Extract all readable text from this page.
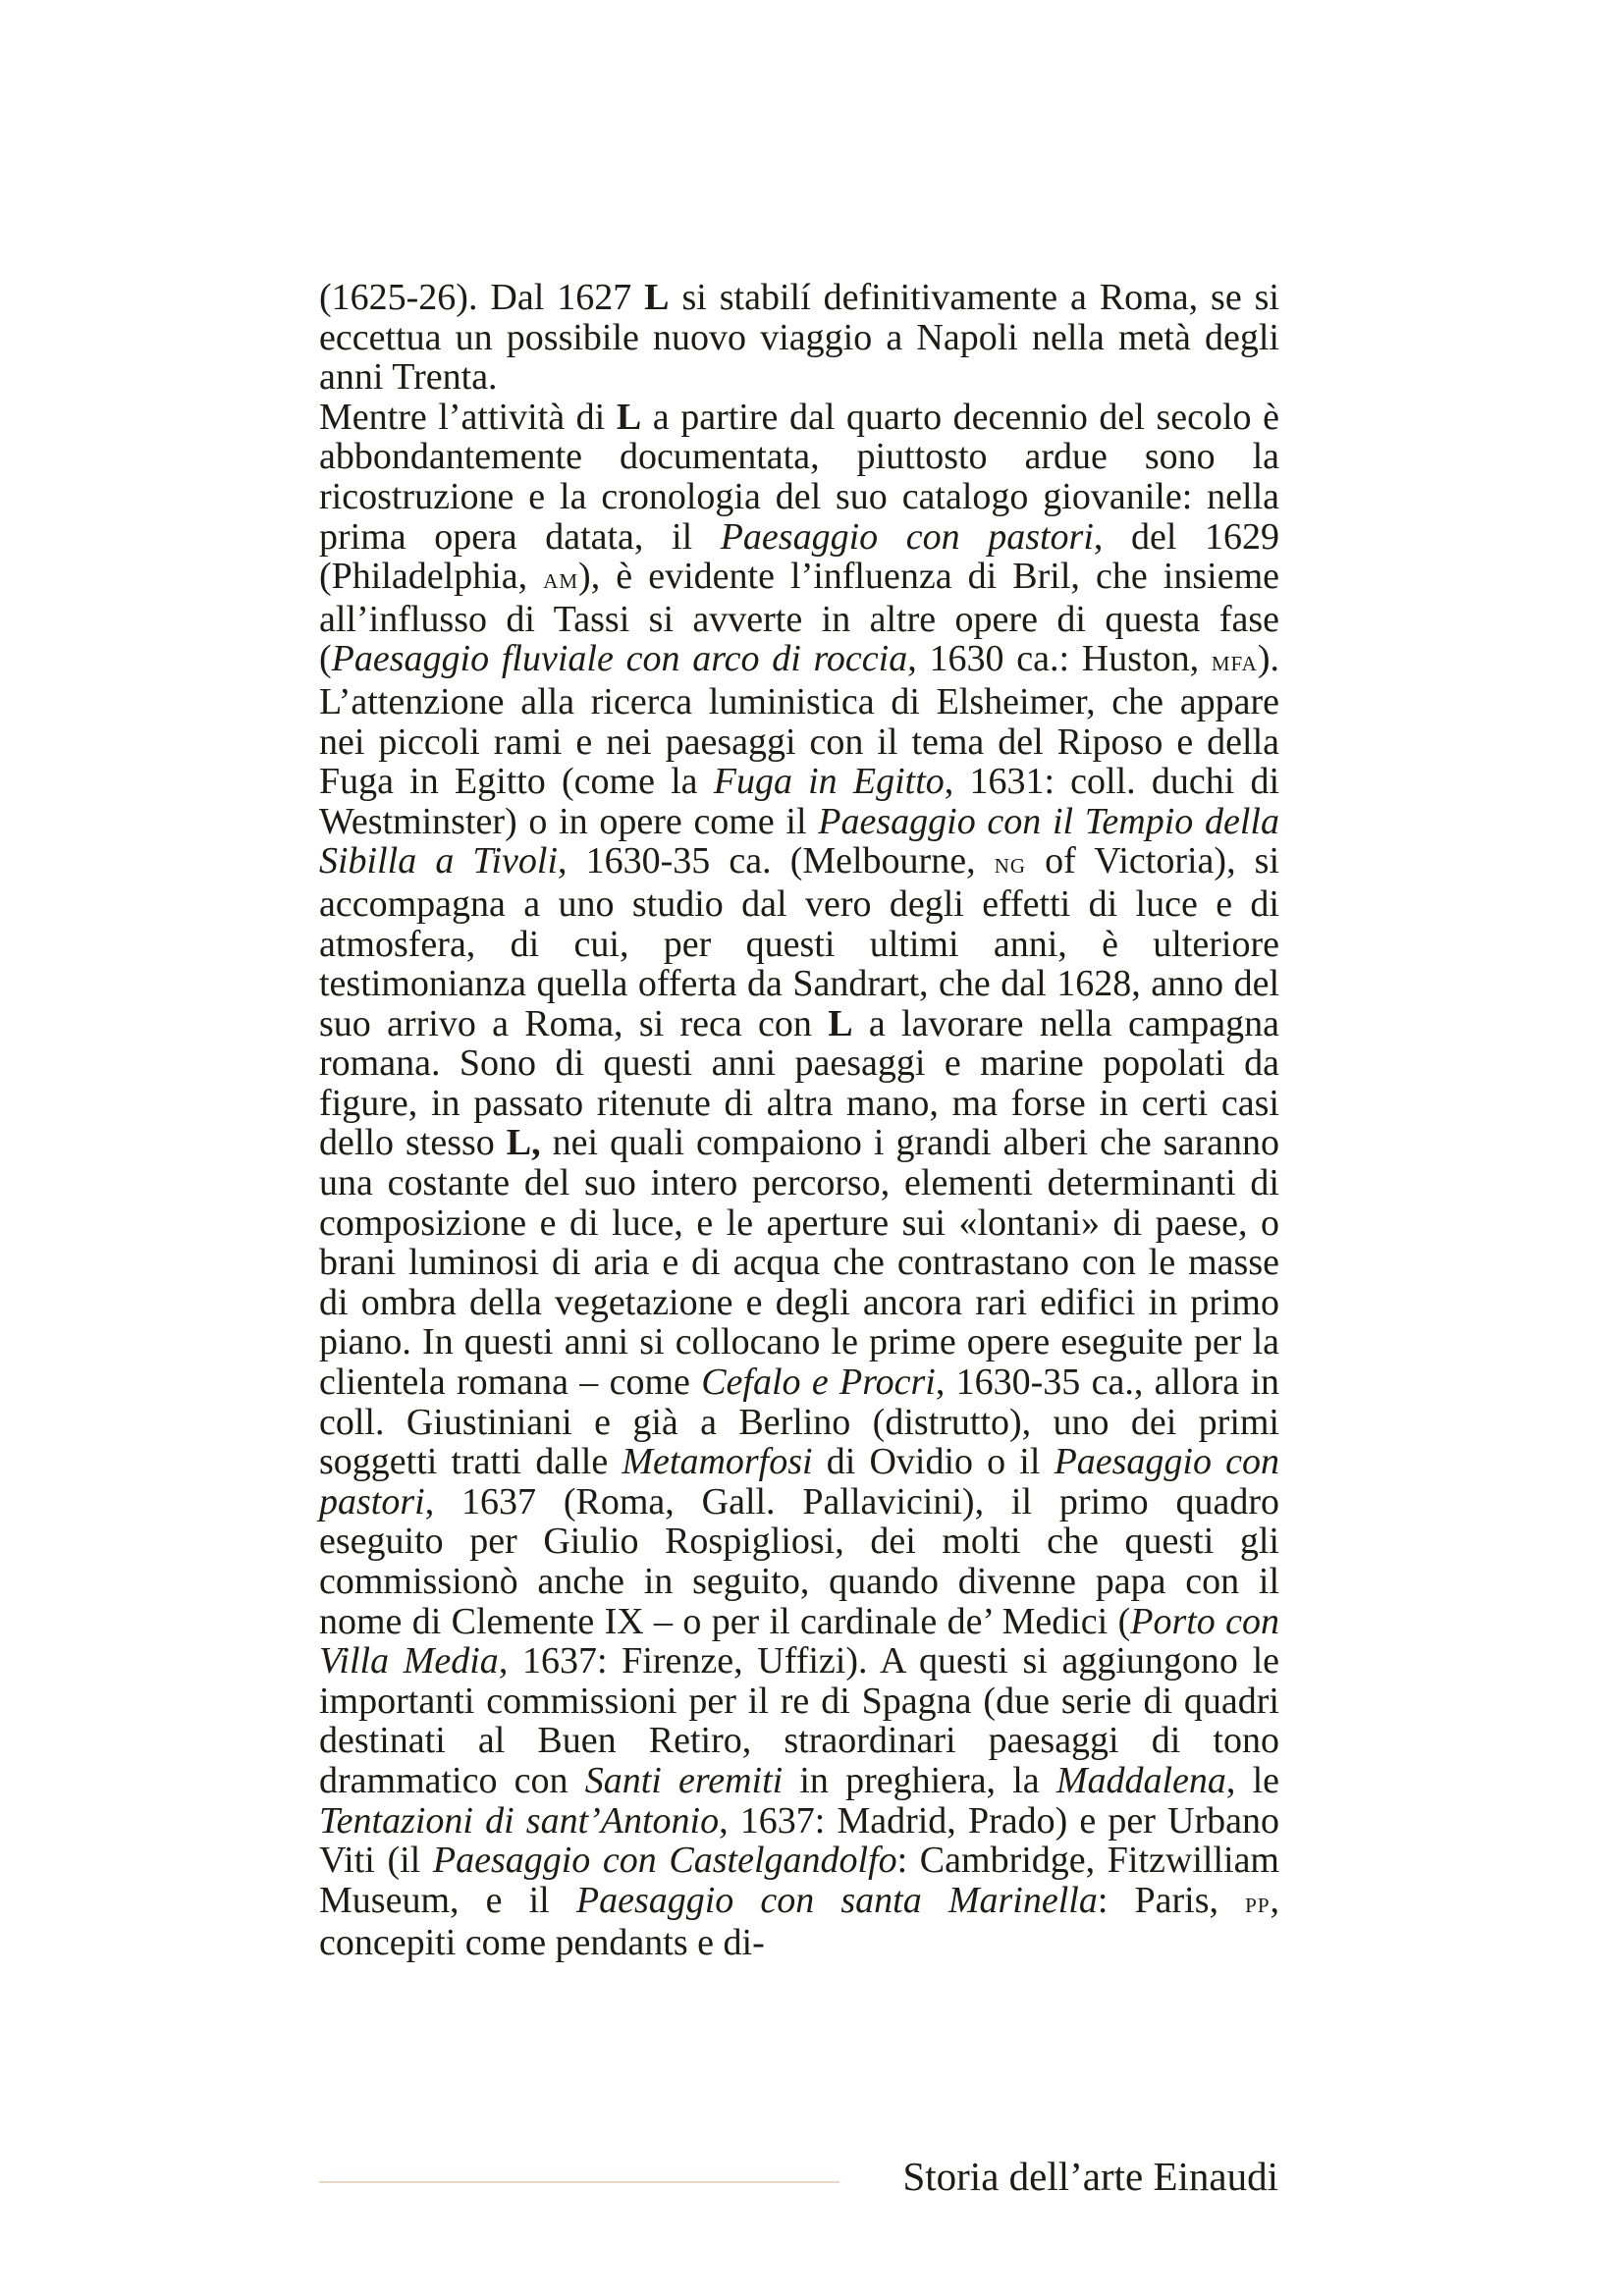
(1625-26). Dal 1627 L si stabilí definitivamente a Roma, se si eccettua un possibile nuovo viaggio a Napoli nella metà degli anni Trenta.

Mentre l’attività di L a partire dal quarto decennio del secolo è abbondantemente documentata, piuttosto ardue sono la ricostruzione e la cronologia del suo catalogo giovanile: nella prima opera datata, il Paesaggio con pastori, del 1629 (Philadelphia, am), è evidente l’influenza di Bril, che insieme all’influsso di Tassi si avverte in altre opere di questa fase (Paesaggio fluviale con arco di roccia, 1630 ca.: Huston, mfa). L’attenzione alla ricerca luministica di Elsheimer, che appare nei piccoli rami e nei paesaggi con il tema del Riposo e della Fuga in Egitto (come la Fuga in Egitto, 1631: coll. duchi di Westminster) o in opere come il Paesaggio con il Tempio della Sibilla a Tivoli, 1630-35 ca. (Melbourne, ng of Victoria), si accompagna a uno studio dal vero degli effetti di luce e di atmosfera, di cui, per questi ultimi anni, è ulteriore testimonianza quella offerta da Sandrart, che dal 1628, anno del suo arrivo a Roma, si reca con L a lavorare nella campagna romana. Sono di questi anni paesaggi e marine popolati da figure, in passato ritenute di altra mano, ma forse in certi casi dello stesso L, nei quali compaiono i grandi alberi che saranno una costante del suo intero percorso, elementi determinanti di composizione e di luce, e le aperture sui «lontani» di paese, o brani luminosi di aria e di acqua che contrastano con le masse di ombra della vegetazione e degli ancora rari edifici in primo piano. In questi anni si collocano le prime opere eseguite per la clientela romana – come Cefalo e Procri, 1630-35 ca., allora in coll. Giustiniani e già a Berlino (distrutto), uno dei primi soggetti tratti dalle Metamorfosi di Ovidio o il Paesaggio con pastori, 1637 (Roma, Gall. Pallavicini), il primo quadro eseguito per Giulio Rospigliosi, dei molti che questi gli commissionò anche in seguito, quando divenne papa con il nome di Clemente IX – o per il cardinale de’ Medici (Porto con Villa Media, 1637: Firenze, Uffizi). A questi si aggiungono le importanti commissioni per il re di Spagna (due serie di quadri destinati al Buen Retiro, straordinari paesaggi di tono drammatico con Santi eremiti in preghiera, la Maddalena, le Tentazioni di sant’Antonio, 1637: Madrid, Prado) e per Urbano Viti (il Paesaggio con Castelgandolfo: Cambridge, Fitzwilliam Museum, e il Paesaggio con santa Marinella: Paris, pp, concepiti come pendants e di-

Storia dell’arte Einaudi
